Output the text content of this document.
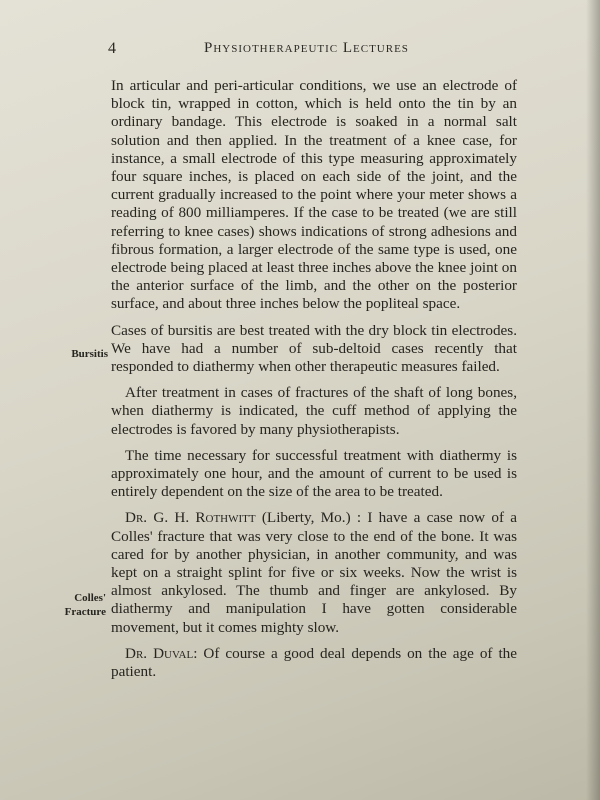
4	Physiotherapeutic Lectures
Bursitis
Colles'
Fracture

In articular and peri-articular conditions, we use an electrode of block tin, wrapped in cotton, which is held onto the tin by an ordinary bandage. This electrode is soaked in a normal salt solution and then applied. In the treatment of a knee case, for instance, a small electrode of this type measuring approximately four square inches, is placed on each side of the joint, and the current gradually increased to the point where your meter shows a reading of 800 milliamperes. If the case to be treated (we are still referring to knee cases) shows indications of strong adhesions and fibrous formation, a larger electrode of the same type is used, one electrode being placed at least three inches above the knee joint on the anterior surface of the limb, and the other on the posterior surface, and about three inches below the popliteal space.

Cases of bursitis are best treated with the dry block tin electrodes. We have had a number of sub-deltoid cases recently that responded to diathermy when other therapeutic measures failed.

After treatment in cases of fractures of the shaft of long bones, when diathermy is indicated, the cuff method of applying the electrodes is favored by many physiotherapists.

The time necessary for successful treatment with diathermy is approximately one hour, and the amount of current to be used is entirely dependent on the size of the area to be treated.

Dr. G. H. Rothwitt (Liberty, Mo.) : I have a case now of a Colles' fracture that was very close to the end of the bone. It was cared for by another physician, in another community, and was kept on a straight splint for five or six weeks. Now the wrist is almost ankylosed. The thumb and finger are ankylosed. By diathermy and manipulation I have gotten considerable movement, but it comes mighty slow.

Dr. Duval: Of course a good deal depends on the age of the patient.
